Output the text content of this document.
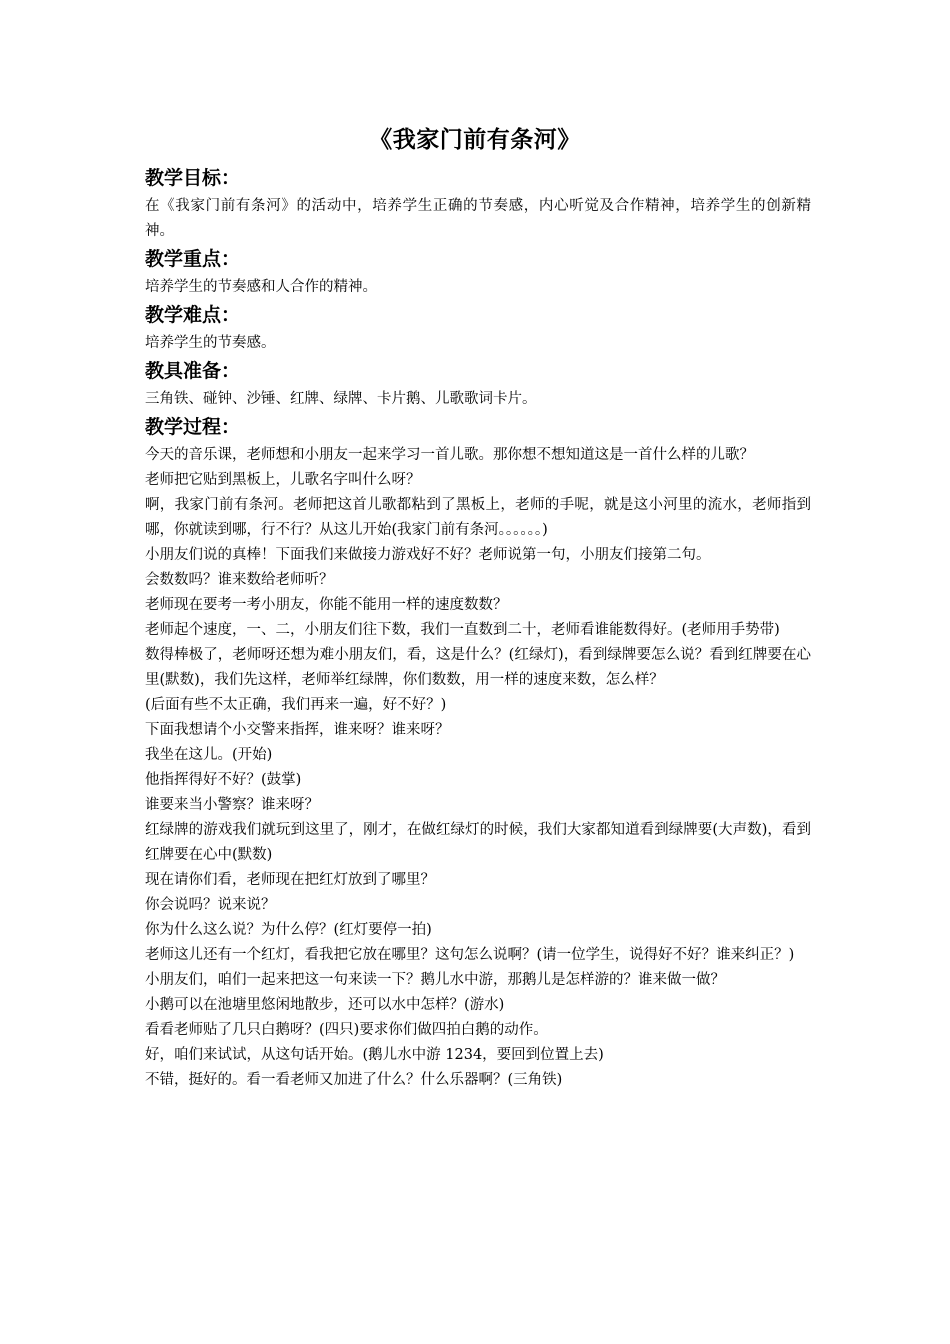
《我家门前有条河》
教学目标：

在《我家门前有条河》的活动中，培养学生正确的节奏感，内心听觉及合作精神，培养学生的创新精神。

教学重点：

培养学生的节奏感和人合作的精神。

教学难点：

培养学生的节奏感。

教具准备：

三角铁、碰钟、沙锤、红牌、绿牌、卡片鹅、儿歌歌词卡片。

教学过程：

今天的音乐课，老师想和小朋友一起来学习一首儿歌。那你想不想知道这是一首什么样的儿歌？

老师把它贴到黑板上，儿歌名字叫什么呀？

啊，我家门前有条河。老师把这首儿歌都粘到了黑板上，老师的手呢，就是这小河里的流水，老师指到哪，你就读到哪，行不行？从这儿开始(我家门前有条河。。。。。。)

小朋友们说的真棒！下面我们来做接力游戏好不好？老师说第一句，小朋友们接第二句。

会数数吗？谁来数给老师听？

老师现在要考一考小朋友，你能不能用一样的速度数数？

老师起个速度，一、二，小朋友们往下数，我们一直数到二十，老师看谁能数得好。(老师用手势带)

数得棒极了，老师呀还想为难小朋友们，看，这是什么？(红绿灯)，看到绿牌要怎么说？看到红牌要在心里(默数)，我们先这样，老师举红绿牌，你们数数，用一样的速度来数，怎么样？

(后面有些不太正确，我们再来一遍，好不好？)

下面我想请个小交警来指挥，谁来呀？谁来呀？

我坐在这儿。(开始)

他指挥得好不好？(鼓掌)

谁要来当小警察？谁来呀？

红绿牌的游戏我们就玩到这里了，刚才，在做红绿灯的时候，我们大家都知道看到绿牌要(大声数)，看到红牌要在心中(默数)

现在请你们看，老师现在把红灯放到了哪里？

你会说吗？说来说？

你为什么这么说？为什么停？(红灯要停一拍)

老师这儿还有一个红灯，看我把它放在哪里？这句怎么说啊？(请一位学生，说得好不好？谁来纠正？)

小朋友们，咱们一起来把这一句来读一下？鹅儿水中游，那鹅儿是怎样游的？谁来做一做？

小鹅可以在池塘里悠闲地散步，还可以水中怎样？(游水)

看看老师贴了几只白鹅呀？(四只)要求你们做四拍白鹅的动作。

好，咱们来试试，从这句话开始。(鹅儿水中游 1234，要回到位置上去)

不错，挺好的。看一看老师又加进了什么？什么乐器啊？(三角铁)
